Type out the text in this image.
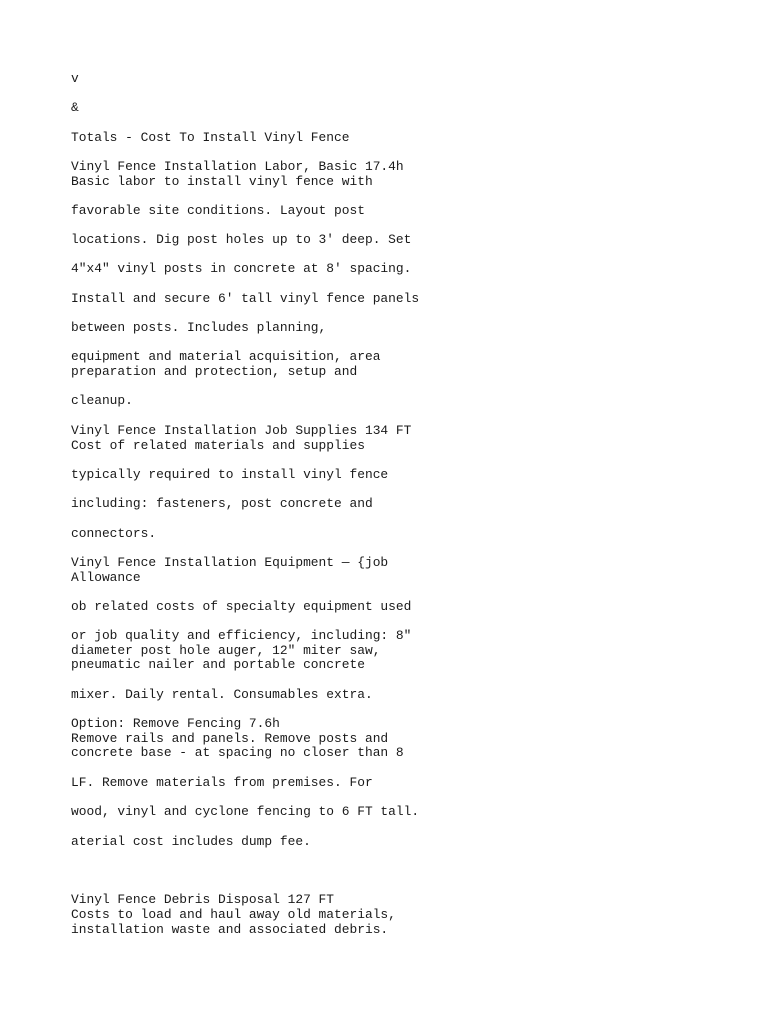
v

&

Totals - Cost To Install Vinyl Fence

Vinyl Fence Installation Labor, Basic 17.4h

Basic labor to install vinyl fence with

favorable site conditions. Layout post

locations. Dig post holes up to 3' deep. Set

4"x4" vinyl posts in concrete at 8' spacing.

Install and secure 6' tall vinyl fence panels

between posts. Includes planning,

equipment and material acquisition, area

preparation and protection, setup and

cleanup.

Vinyl Fence Installation Job Supplies 134 FT

Cost of related materials and supplies

typically required to install vinyl fence

including: fasteners, post concrete and

connectors.

Vinyl Fence Installation Equipment — {job

Allowance

ob related costs of specialty equipment used

or job quality and efficiency, including: 8"

diameter post hole auger, 12" miter saw,

pneumatic nailer and portable concrete

mixer. Daily rental. Consumables extra.

Option: Remove Fencing 7.6h

Remove rails and panels. Remove posts and

concrete base - at spacing no closer than 8

LF. Remove materials from premises. For

wood, vinyl and cyclone fencing to 6 FT tall.

aterial cost includes dump fee.

Vinyl Fence Debris Disposal 127 FT

Costs to load and haul away old materials,

installation waste and associated debris.
